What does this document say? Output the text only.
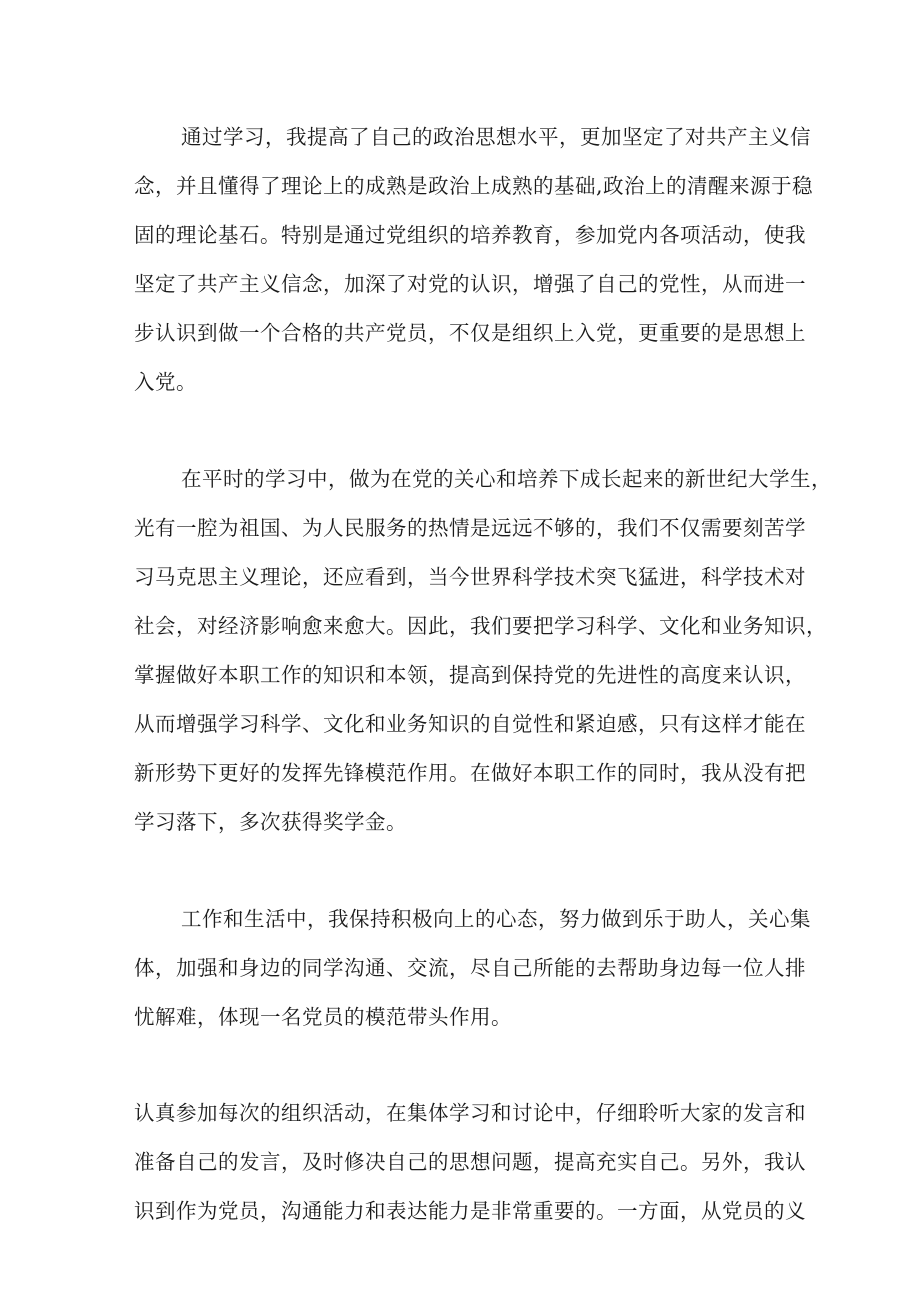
通过学习，我提高了自己的政治思想水平，更加坚定了对共产主义信
念，并且懂得了理论上的成熟是政治上成熟的基础,政治上的清醒来源于稳
固的理论基石。特别是通过党组织的培养教育，参加党内各项活动，使我
坚定了共产主义信念，加深了对党的认识，增强了自己的党性，从而进一
步认识到做一个合格的共产党员，不仅是组织上入党，更重要的是思想上
入党。
在平时的学习中，做为在党的关心和培养下成长起来的新世纪大学生，
光有一腔为祖国、为人民服务的热情是远远不够的，我们不仅需要刻苦学
习马克思主义理论，还应看到，当今世界科学技术突飞猛进，科学技术对
社会，对经济影响愈来愈大。因此，我们要把学习科学、文化和业务知识，
掌握做好本职工作的知识和本领，提高到保持党的先进性的高度来认识，
从而增强学习科学、文化和业务知识的自觉性和紧迫感，只有这样才能在
新形势下更好的发挥先锋模范作用。在做好本职工作的同时，我从没有把
学习落下，多次获得奖学金。
工作和生活中，我保持积极向上的心态，努力做到乐于助人，关心集
体，加强和身边的同学沟通、交流，尽自己所能的去帮助身边每一位人排
忧解难，体现一名党员的模范带头作用。
认真参加每次的组织活动，在集体学习和讨论中，仔细聆听大家的发言和
准备自己的发言，及时修决自己的思想问题，提高充实自己。另外，我认
识到作为党员，沟通能力和表达能力是非常重要的。一方面，从党员的义
